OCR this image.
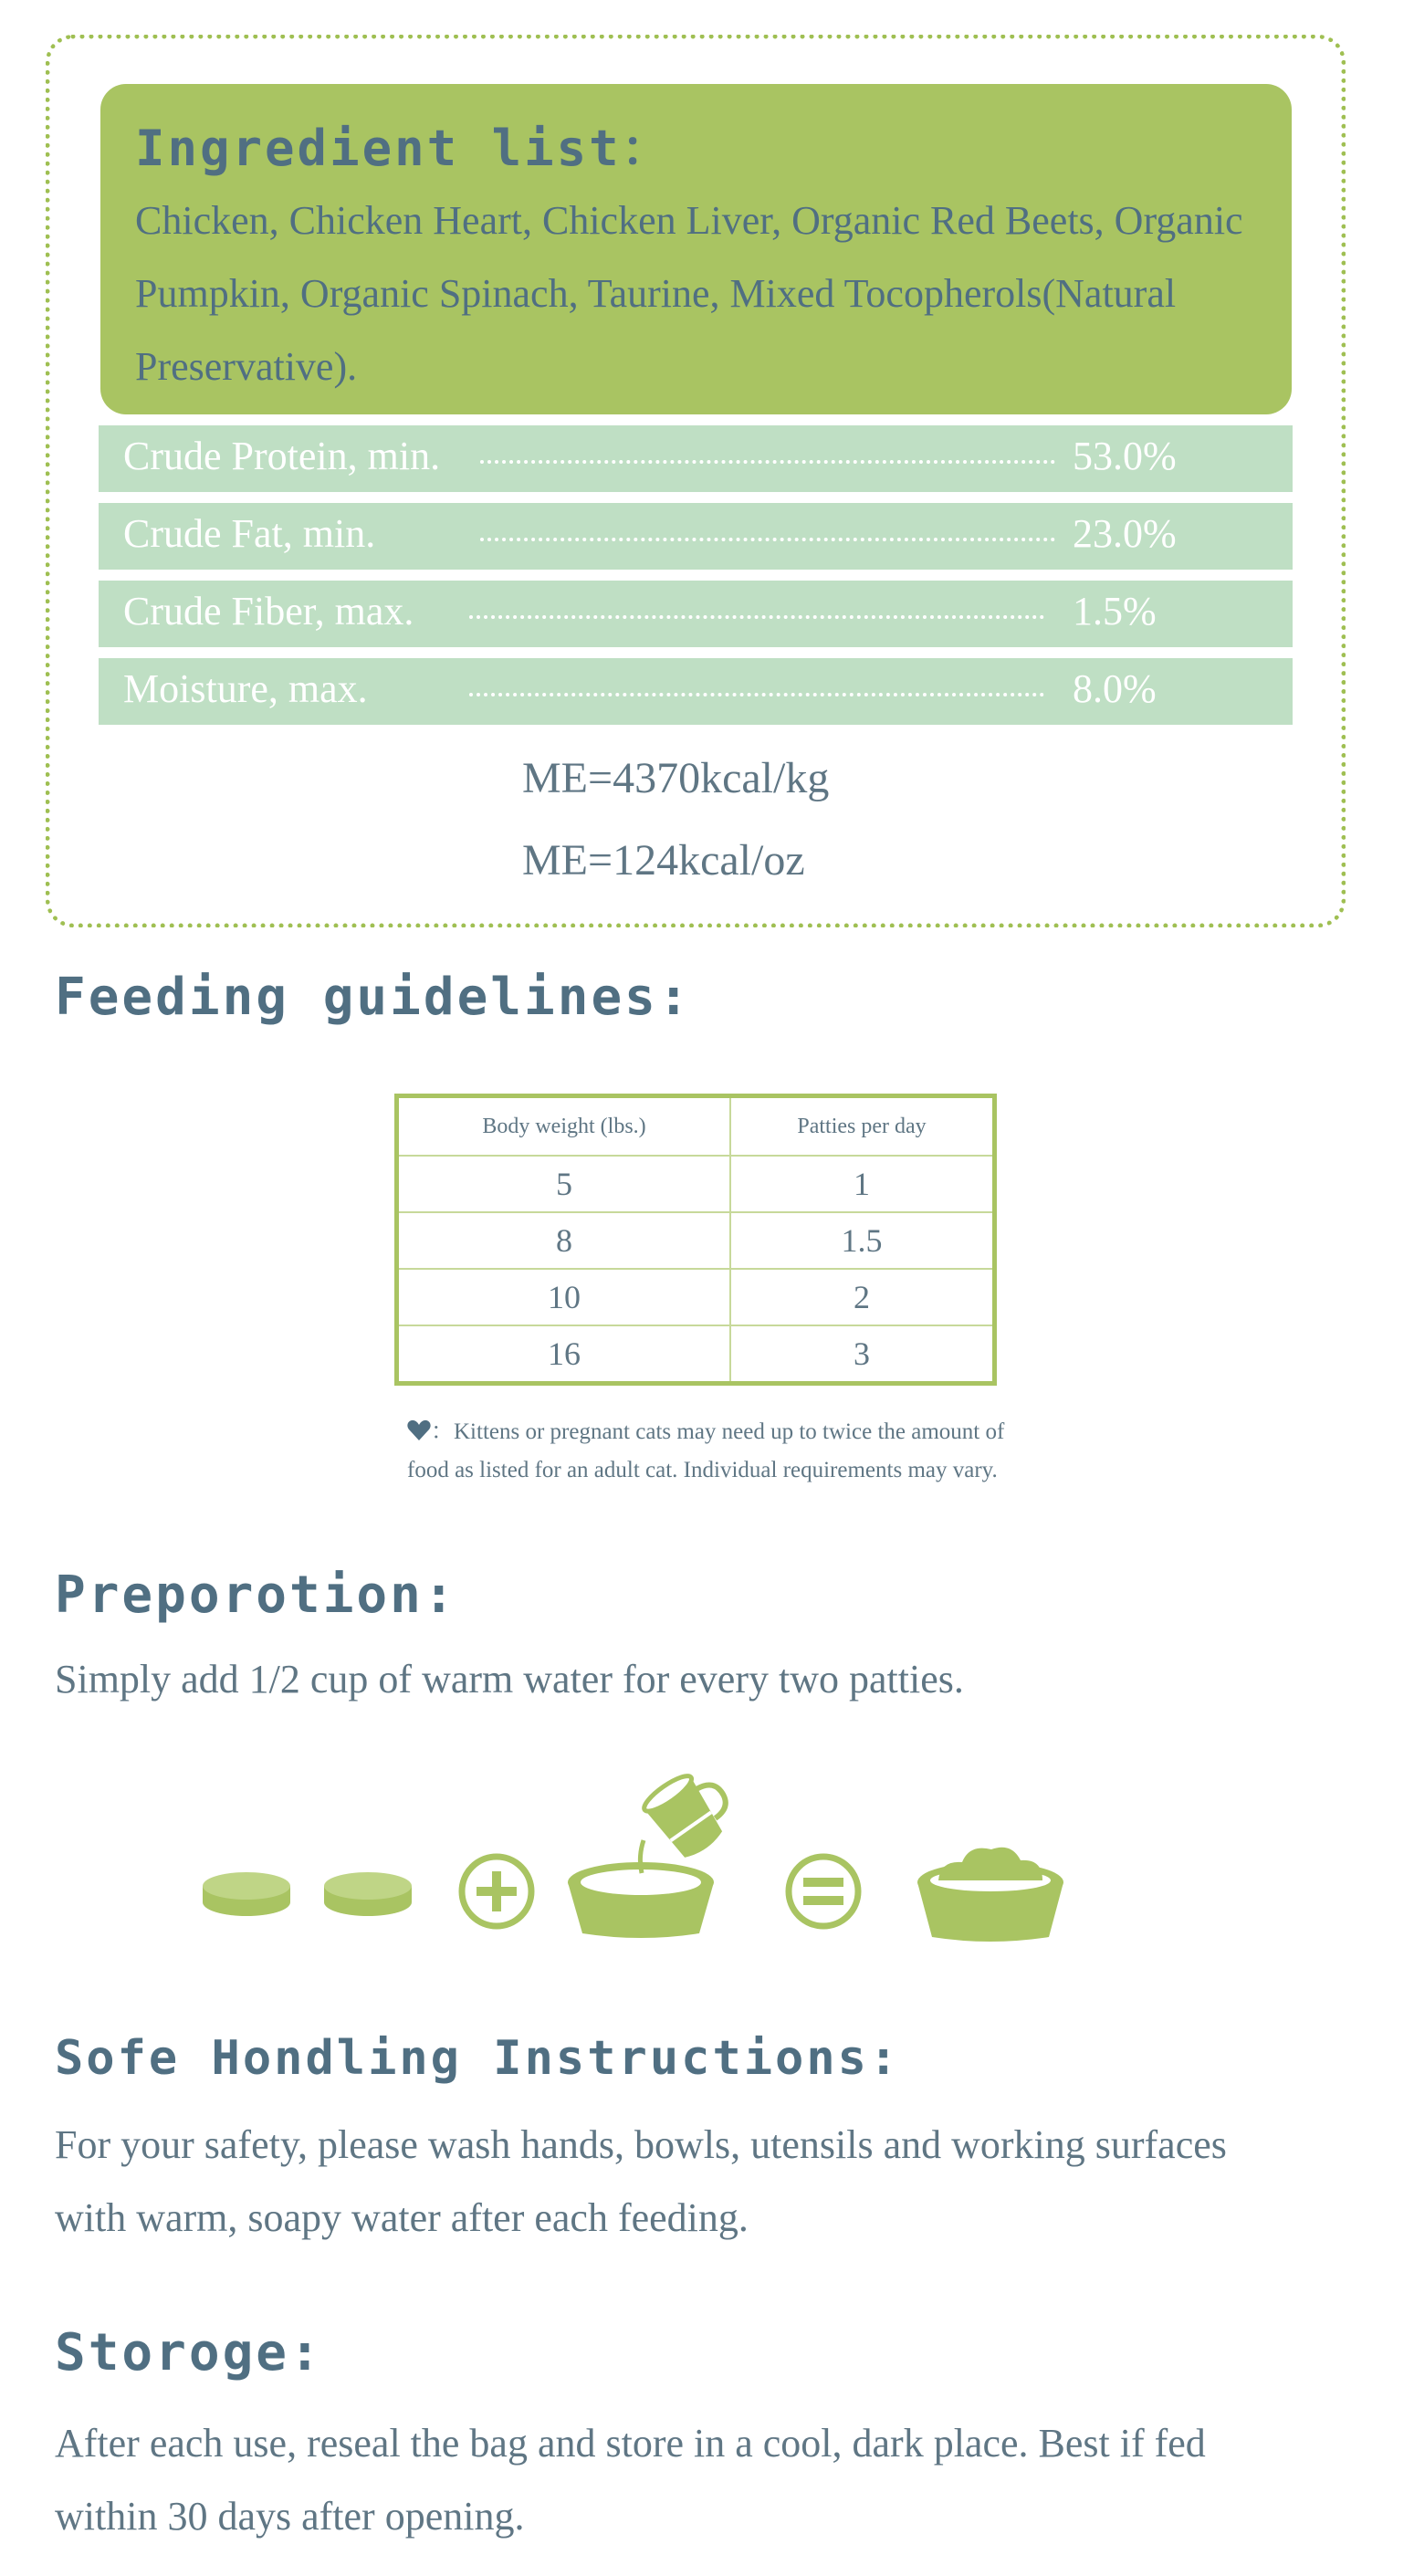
Ingredient list：
Chicken, Chicken Heart, Chicken Liver, Organic Red Beets, Organic Pumpkin, Organic Spinach, Taurine, Mixed Tocopherols(Natural Preservative).
Crude Protein, min.	53.0%
Crude Fat, min.	23.0%
Crude Fiber, max.	1.5%
Moisture, max.	8.0%
ME=4370kcal/kg
ME=124kcal/oz
Feeding guidelines:
Body weight (lbs.)	Patties per day
5	1
8	1.5
10	2
16	3
：Kittens or pregnant cats may need up to twice the amount of food as listed for an adult cat. Individual requirements may vary.
Preporotion:
Simply add 1/2 cup of warm water for every two patties.
Sofe Hondling Instructions:
For your safety, please wash hands, bowls, utensils and working surfaces with warm, soapy water after each feeding.
Storoge:
After each use, reseal the bag and store in a cool, dark place. Best if fed within 30 days after opening.
